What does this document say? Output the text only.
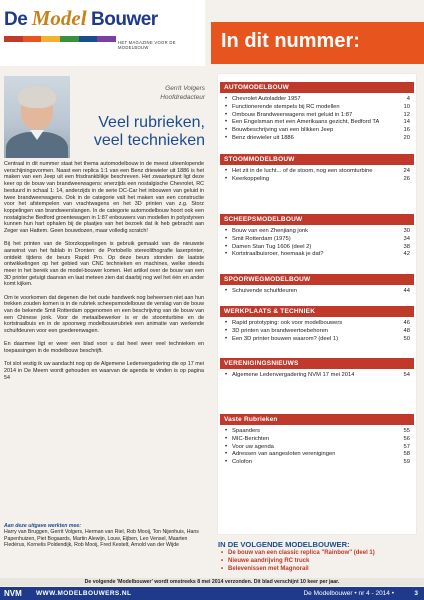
De Model Bouwer
HET MAGAZINE VOOR DE MODELBOUW
Gerrit Volgers
Hoofdredacteur
Veel rubrieken,
veel technieken

Centraal in dit nummer staat het thema automodelbouw in de meest uiteenlopende verschijningsvormen. Naast een replica 1:1 van een Benz driewieler uit 1886 is het maken van een Jeep uit een frisdrankblikje beschreven. Het zwaartepunt ligt deze keer op de bouw van brandweerwagens: enerzijds een nostalgische Chevrolet, RC bestuurd in schaal 1: 14, anderzijds in de serie DC-Car het inbouwen van geluid in twee brandweerwagens. Ook in de categorie valt het maken van een constructie voor het afstempelen van vrachtwagens en het 3D printen van z.g. Storz koppelingen van brandweerslangen. In de categorie automodelbouw hoort ook een nostalgische Bedford groentewagen in 1:87 enbouwers van modellen in polystyreen kunnen hun hart ophalen bij de plaatjes van het bezoek dat ik heb gebracht aan Zeger van Hattem. Geen bouwdozen, maar volledig scratch!

Bij het printen van de Storzkoppelingen is gebruik gemaakt van de nieuwste aanwinst van het fablab in Dronten: de Portobello stereolithografie laserprinter, ontdekt tijdens de beurs Rapid Pro. Op deze beurs stonden de laatste ontwikkelingen op het gebied van CNC technieken en machines, welke steeds meer in het bereik van de model-bouwer komen. Het artikel over de bouw van een 3D printer getuigt daarvan en laat meteen zien dat daarbij nog wel het één en ander komt kijken.

Om te voorkomen dat degenen die het oude handwerk nog beheersen niet aan hun trekken zouden komen is in de rubriek scheepsmodelbouw de verslag van de bouw van de bekende Smit Rotterdam opgenomen en een beschrijving van de bouw van een Chinese jonk. Voor de metaalbewerker is er de stoomturbine en de kortstraalbuis en in de spoorweg modelbouwrubriek een animatie van werkende schuifdeuren voor een goederenwagen.

En daarmee ligt er weer een blad voor u dat heel weer veel technieken en toepassingen in de modelbouw beschrijft.

Tot slot vestig ik uw aandacht nog op de Algemene Ledenvergadering die op 17 mei 2014 in De Meern wordt gehouden en waarvan de agenda te vinden is op pagina 54

Aan deze uitgave werkten mee:
Harry van Bruggen, Gerrit Volgers, Herman van Riel, Rob Mooij, Ton Nijenhuis, Hans Papenhuizen, Piet Bogaards, Martin Alewijn, Louw, Eijben, Leo Vensel, Maarten Fledérus, Kornelis Poldendijk, Rob Mooij, Fred Kestelt, Arnold van der Wijde
In dit nummer:
AUTOMODELBOUW
• Chevrolet Autoladder 1957	4
• Functionerende stempels bij RC modellen	10
• Ombouw Brandweerwagens met geluid in 1:87	12
• Een Engelsman met een Amerikaans gezicht, Bedford TA	14
• Bouwbeschrijving van een blikken Jeep	16
• Benz driewieler uit 1886	20
STOOMMODELBOUW
• Het zit in de lucht... of de stoom, nog een stoomturbine	24
• Keerkoppeling	26
SCHEEPSMODELBOUW
• Bouw van een Zhenjiang jonk	30
• Smit Rotterdam (1975)	34
• Damen Stan Tug 1606 (deel 2)	38
• Kortstraalbuisroer, hoemaak je dat?	42
SPOORWEGMODELBOUW
• Schuivende schuifdeuren	44
WERKPLAATS & TECHNIEK
• Rapid prototyping: ook voor modelbouwers	46
• 3D printen van brandweertoebehoren	48
• Een 3D printer bouwen waarom? (deel 1)	50
VERENIGINGSNIEUWS
• Algemene Ledenvergadering NVM 17 mei 2014	54
Vaste Rubrieken
• Spaanders	55
• MIC-Berichten	56
• Voor uw agenda	57
• Adressen van aangesloten verenigingen	58
• Colofon	59
IN DE VOLGENDE MODELBOUWER:
• De bouw van een classic replica "Rainbow" (deel 1)
• Nieuwe aandrijving RC truck
• Belevenissen met Magnorail
De volgende 'Modelbouwer' wordt omstreeks 8 mei 2014 verzonden. Dit blad verschijnt 10 keer per jaar.
NVM WWW.MODELBOUWERS.NL	De Modelbouwer • nr 4 - 2014 •	3
